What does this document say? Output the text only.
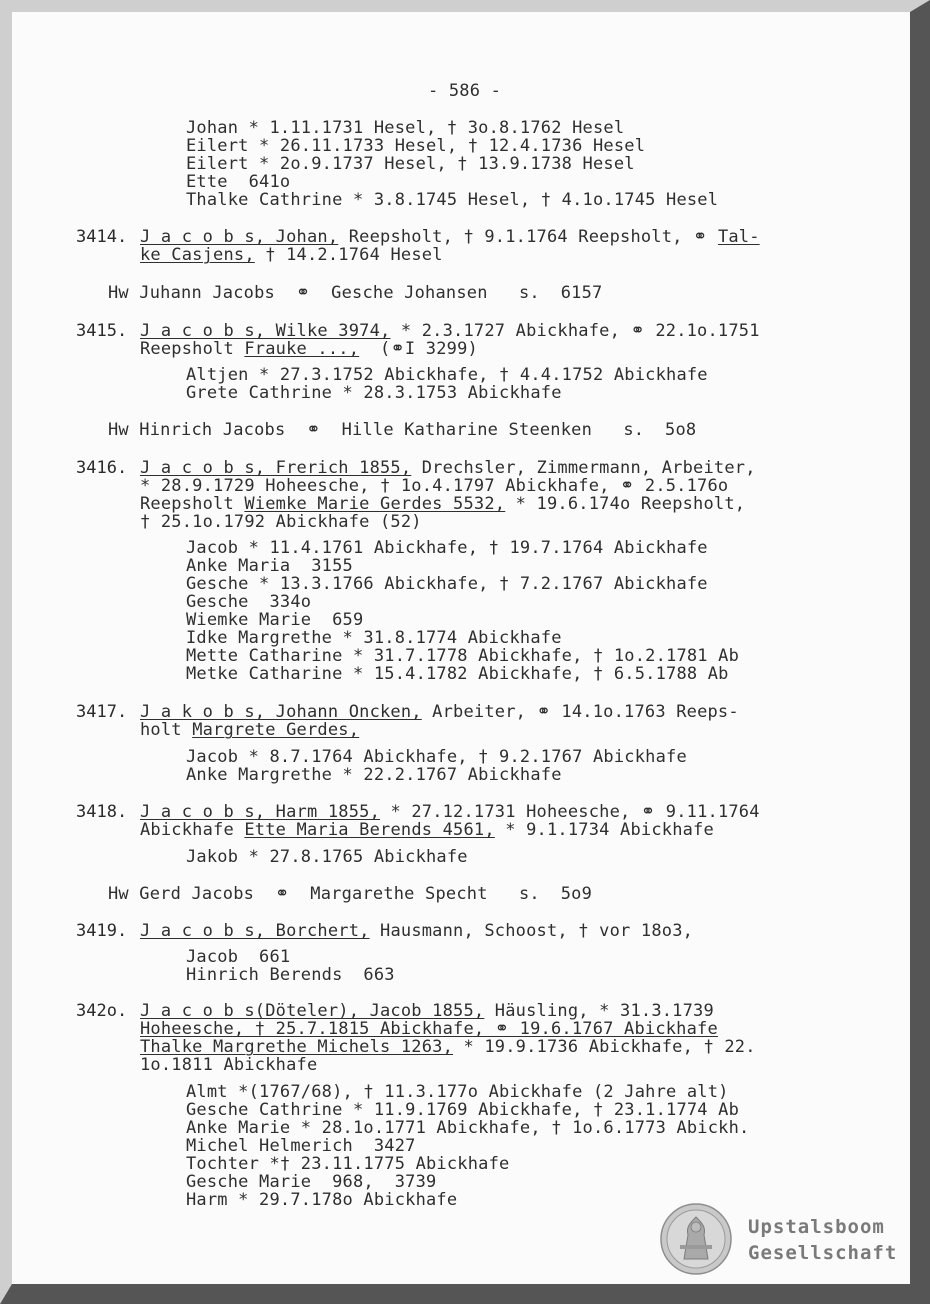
- 586 -
Johan * 1.11.1731 Hesel, † 3o.8.1762 Hesel
Eilert * 26.11.1733 Hesel, † 12.4.1736 Hesel
Eilert * 2o.9.1737 Hesel, † 13.9.1738 Hesel
Ette  641o
Thalke Cathrine * 3.8.1745 Hesel, † 4.1o.1745 Hesel
3414. J a c o b s, Johan, Reepsholt, † 9.1.1764 Reepsholt, ⚭ Tal-
ke Casjens, † 14.2.1764 Hesel
Hw Juhann Jacobs  ⚭  Gesche Johansen   s.  6157
3415. J a c o b s, Wilke 3974, * 2.3.1727 Abickhafe, ⚭ 22.1o.1751
Reepsholt Frauke ...,  (⚭I 3299)
Altjen * 27.3.1752 Abickhafe, † 4.4.1752 Abickhafe
Grete Cathrine * 28.3.1753 Abickhafe
Hw Hinrich Jacobs  ⚭  Hille Katharine Steenken   s.  5o8
3416. J a c o b s, Frerich 1855, Drechsler, Zimmermann, Arbeiter,
* 28.9.1729 Hoheesche, † 1o.4.1797 Abickhafe, ⚭ 2.5.176o
Reepsholt Wiemke Marie Gerdes 5532, * 19.6.174o Reepsholt,
† 25.1o.1792 Abickhafe (52)
Jacob * 11.4.1761 Abickhafe, † 19.7.1764 Abickhafe
Anke Maria  3155
Gesche * 13.3.1766 Abickhafe, † 7.2.1767 Abickhafe
Gesche  334o
Wiemke Marie  659
Idke Margrethe * 31.8.1774 Abickhafe
Mette Catharine * 31.7.1778 Abickhafe, † 1o.2.1781 Ab
Metke Catharine * 15.4.1782 Abickhafe, † 6.5.1788 Ab
3417. J a k o b s, Johann Oncken, Arbeiter, ⚭ 14.1o.1763 Reeps-
holt Margrete Gerdes,
Jacob * 8.7.1764 Abickhafe, † 9.2.1767 Abickhafe
Anke Margrethe * 22.2.1767 Abickhafe
3418. J a c o b s, Harm 1855, * 27.12.1731 Hoheesche, ⚭ 9.11.1764
Abickhafe Ette Maria Berends 4561, * 9.1.1734 Abickhafe
Jakob * 27.8.1765 Abickhafe
Hw Gerd Jacobs  ⚭  Margarethe Specht   s.  5o9
3419. J a c o b s, Borchert, Hausmann, Schoost, † vor 18o3,
Jacob  661
Hinrich Berends  663
342o. J a c o b s(Döteler), Jacob 1855, Häusling, * 31.3.1739
Hoheesche, † 25.7.1815 Abickhafe, ⚭ 19.6.1767 Abickhafe
Thalke Margrethe Michels 1263, * 19.9.1736 Abickhafe, † 22.
1o.1811 Abickhafe
Almt *(1767/68), † 11.3.177o Abickhafe (2 Jahre alt)
Gesche Cathrine * 11.9.1769 Abickhafe, † 23.1.1774 Ab
Anke Marie * 28.1o.1771 Abickhafe, † 1o.6.1773 Abickh.
Michel Helmerich  3427
Tochter *† 23.11.1775 Abickhafe
Gesche Marie  968,  3739
Harm * 29.7.178o Abickhafe
Upstalsboom
Gesellschaft
